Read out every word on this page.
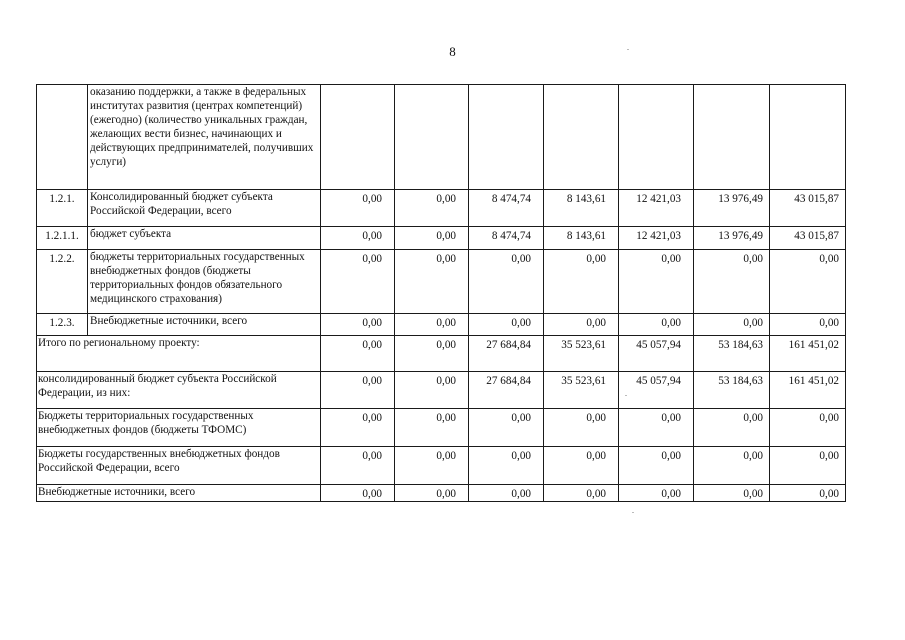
8
	оказанию поддержки, а также в федеральных институтах развития (центрах компетенций) (ежегодно) (количество уникальных граждан, желающих вести бизнес, начинающих и действующих предпринимателей, получивших услуги)							
1.2.1.	Консолидированный бюджет субъекта Российской Федерации, всего	0,00	0,00	8 474,74	8 143,61	12 421,03	13 976,49	43 015,87
1.2.1.1.	бюджет субъекта	0,00	0,00	8 474,74	8 143,61	12 421,03	13 976,49	43 015,87
1.2.2.	бюджеты территориальных государственных внебюджетных фондов (бюджеты территориальных фондов обязательного медицинского страхования)	0,00	0,00	0,00	0,00	0,00	0,00	0,00
1.2.3.	Внебюджетные источники, всего	0,00	0,00	0,00	0,00	0,00	0,00	0,00
Итого по региональному проекту:		0,00	0,00	27 684,84	35 523,61	45 057,94	53 184,63	161 451,02
консолидированный бюджет субъекта Российской Федерации, из них:		0,00	0,00	27 684,84	35 523,61	45 057,94	53 184,63	161 451,02
Бюджеты территориальных государственных внебюджетных фондов (бюджеты ТФОМС)		0,00	0,00	0,00	0,00	0,00	0,00	0,00
Бюджеты государственных внебюджетных фондов Российской Федерации, всего		0,00	0,00	0,00	0,00	0,00	0,00	0,00
Внебюджетные источники, всего		0,00	0,00	0,00	0,00	0,00	0,00	0,00
